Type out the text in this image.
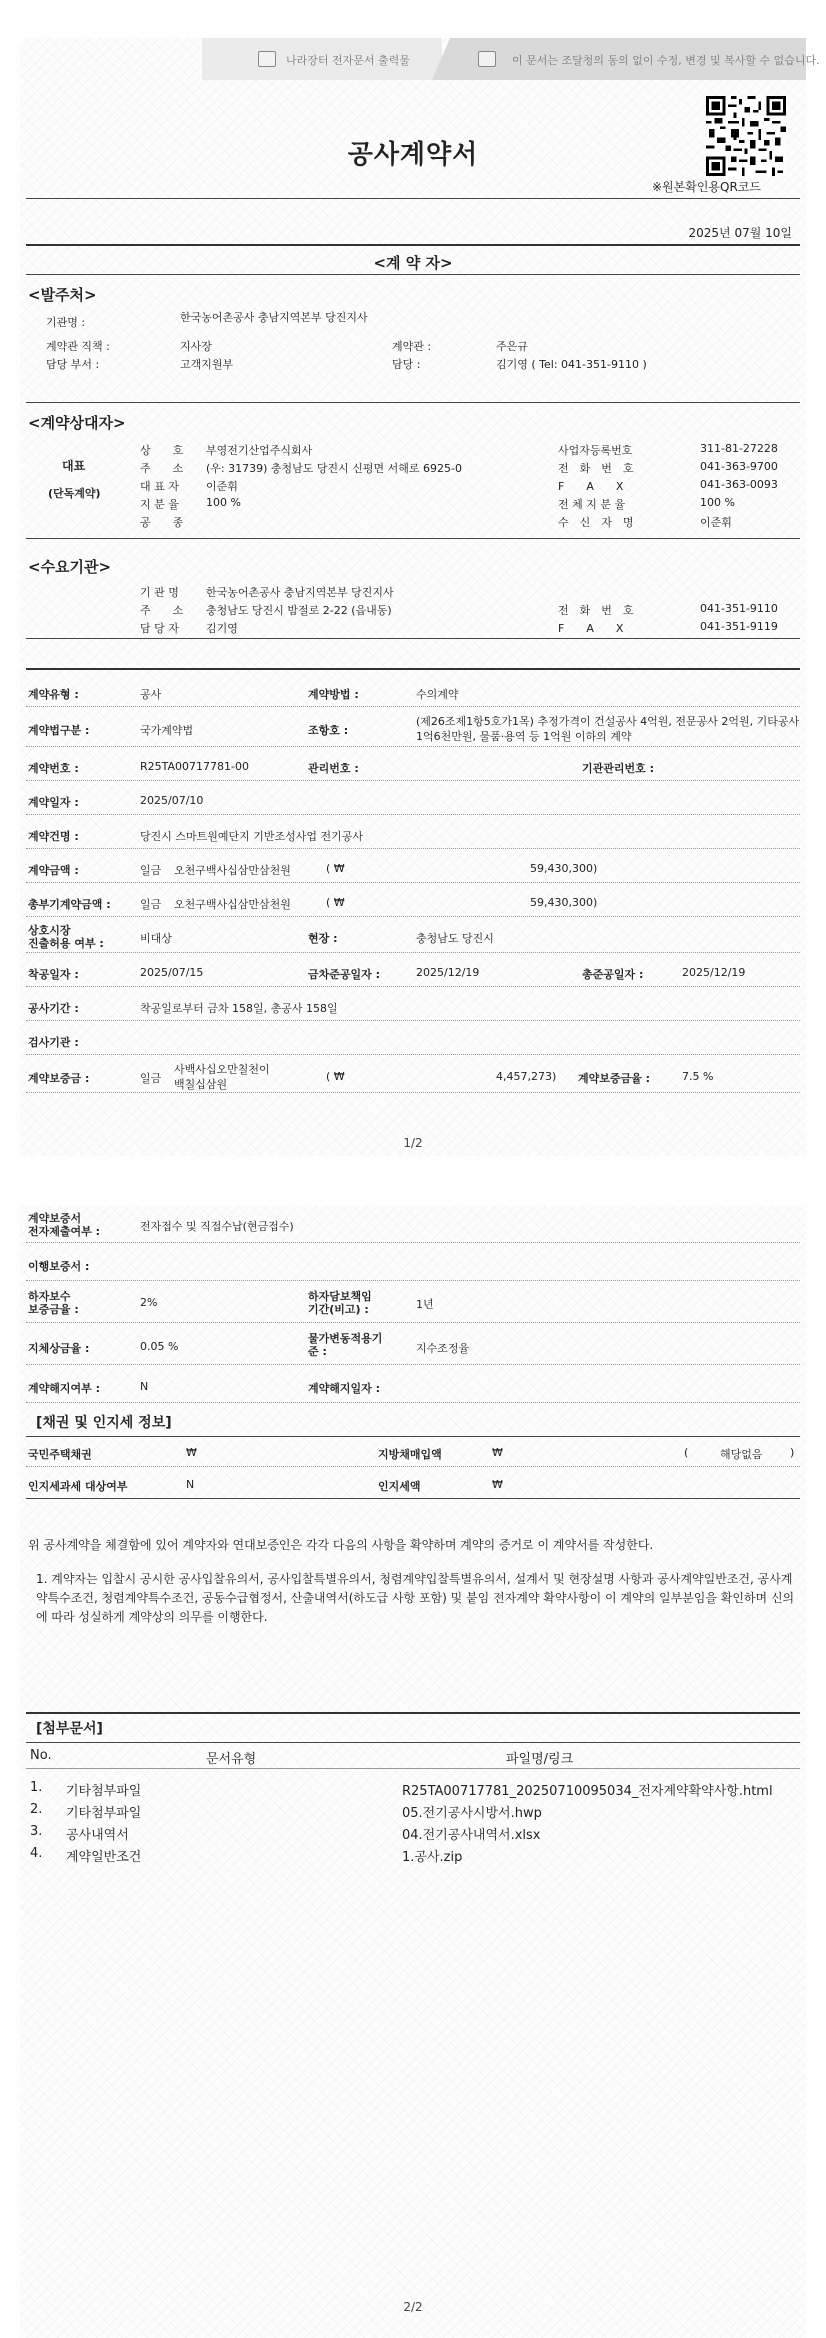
나라장터 전자문서 출력물	이 문서는 조달청의 동의 없이 수정, 변경 및 복사할 수 없습니다.
공사계약서
※원본확인용QR코드
2025년 07월 10일
<계 약 자>
<발주처>
기관명 :	한국농어촌공사 충남지역본부 당진지사
계약관 직책 :	지사장	계약관 :	주은규
담당 부서 :	고객지원부	담당 :	김기영 ( Tel: 041-351-9110 )
<계약상대자>
대표
(단독계약)
상　　호 부영전기산업주식회사	사업자등록번호	311-81-27228
주　　소 (우: 31739) 충청남도 당진시 신평면 서해로 6925-0	전　화　번　호	041-363-9700
대 표 자 이준휘	F　　A　　X	041-363-0093
지 분 율 100 %	전 체 지 분 율	100 %
공　　종	수　신　자　명	이준휘
<수요기관>
기 관 명 한국농어촌공사 충남지역본부 당진지사
주　　소 충청남도 당진시 밤절로 2-22 (읍내동)	전　화　번　호	041-351-9110
담 당 자 김기영	F　　A　　X	041-351-9119
계약유형 :	공사	계약방법 :	수의계약
계약법구분 :	국가계약법	조항호 :
(제26조제1항5호가1목) 추정가격이 건설공사 4억원, 전문공사 2억원, 기타공사 1억6천만원, 물품·용역 등 1억원 이하의 계약
계약번호 :	R25TA00717781-00	관리번호 :	기관관리번호 :
계약일자 :	2025/07/10
계약건명 :	당진시 스마트원예단지 기반조성사업 전기공사
계약금액 :	일금 오천구백사십삼만삼천원	( ₩	59,430,300)
총부기계약금액 :	일금 오천구백사십삼만삼천원	( ₩	59,430,300)
상호시장
진출허용 여부 :	비대상	현장 :	충청남도 당진시
착공일자 :	2025/07/15	금차준공일자 :	2025/12/19	총준공일자 :	2025/12/19
공사기간 :	착공일로부터 금차 158일, 총공사 158일
검사기관 :
계약보증금 :	일금
사백사십오만칠천이백칠십삼원
( ₩	4,457,273) 계약보증금율 :	7.5 %
1/2
계약보증서
전자제출여부 :	전자접수 및 직접수납(현금접수)
이행보증서 :
하자보수
보증금율 :
2%	하자담보책임
기간(비고) :	1년
지체상금율 :	0.05 %
물가변동적용기
준 :	지수조정율
계약해지여부 :	N	계약해지일자 :
[채권 및 인지세 정보]
국민주택채권	₩	지방채매입액	₩	(	해당없음 )
인지세과세 대상여부	N	인지세액	₩
위 공사계약을 체결함에 있어 계약자와 연대보증인은 각각 다음의 사항을 확약하며 계약의 증거로 이 계약서를 작성한다.
1. 계약자는 입찰시 공시한 공사입찰유의서, 공사입찰특별유의서, 청렴계약입찰특별유의서, 설계서 및 현장설명 사항과 공사계약일반조건, 공사계약특수조건, 청렴계약특수조건, 공동수급협정서, 산출내역서(하도급 사항 포함) 및 붙임 전자계약 확약사항이 이 계약의 일부분임을 확인하며 신의에 따라 성실하게 계약상의 의무를 이행한다.
[첨부문서]
No.	문서유형	파일명/링크
1. 기타첨부파일	R25TA00717781_20250710095034_전자계약확약사항.html
2. 기타첨부파일	05.전기공사시방서.hwp
3. 공사내역서	04.전기공사내역서.xlsx
4. 계약일반조건	1.공사.zip
2/2
